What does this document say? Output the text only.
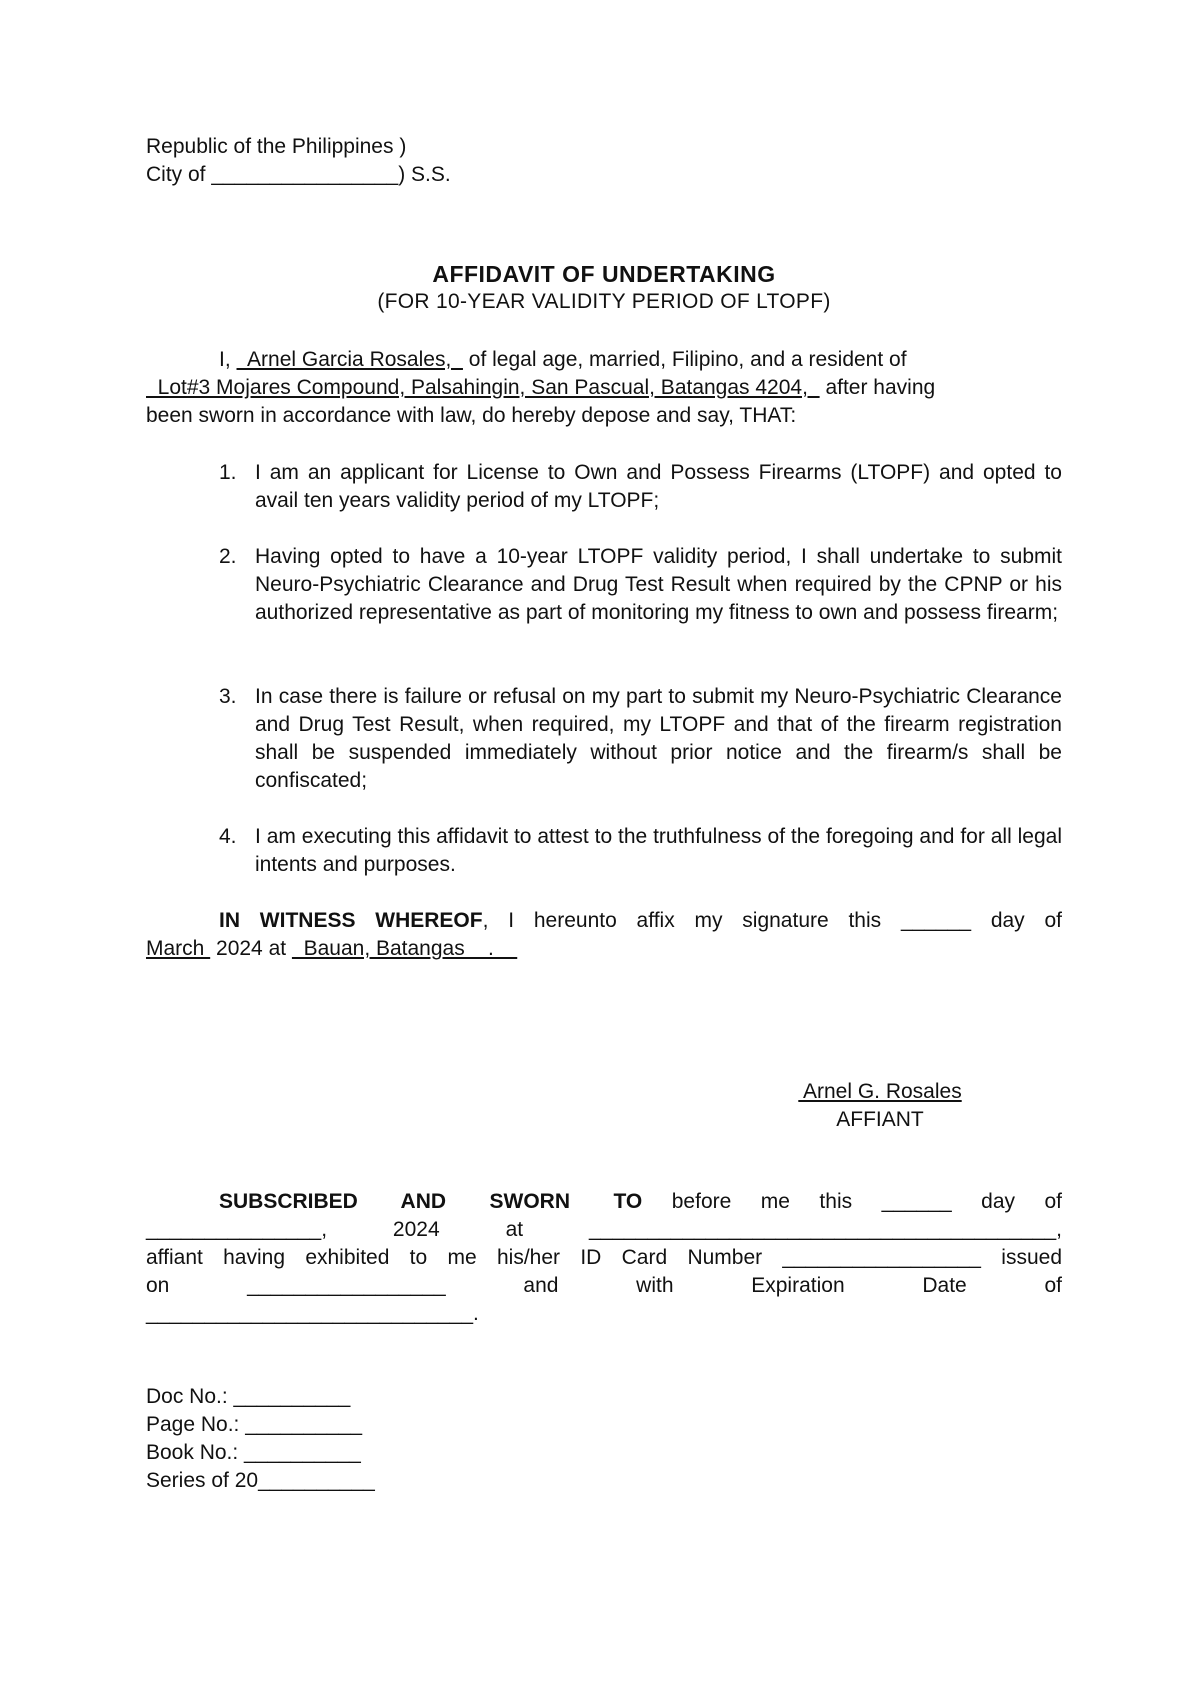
Republic of the Philippines )
City of ________________) S.S.
AFFIDAVIT OF UNDERTAKING
(FOR 10-YEAR VALIDITY PERIOD OF LTOPF)
I,   Arnel Garcia Rosales,   of legal age, married, Filipino, and a resident of
Lot#3 Mojares Compound, Palsahingin, San Pascual, Batangas 4204,   after having
been sworn in accordance with law, do hereby depose and say, THAT:
1. I am an applicant for License to Own and Possess Firearms (LTOPF) and opted to avail ten years validity period of my LTOPF;
2. Having opted to have a 10-year LTOPF validity period, I shall undertake to submit Neuro-Psychiatric Clearance and Drug Test Result when required by the CPNP or his authorized representative as part of monitoring my fitness to own and possess firearm;
3. In case there is failure or refusal on my part to submit my Neuro-Psychiatric Clearance and Drug Test Result, when required, my LTOPF and that of the firearm registration shall be suspended immediately without prior notice and the firearm/s shall be confiscated;
4. I am executing this affidavit to attest to the truthfulness of the foregoing and for all legal intents and purposes.
IN WITNESS WHEREOF, I hereunto affix my signature this ______ day of
March  2024 at   Bauan, Batangas    .
Arnel G. Rosales
AFFIANT
SUBSCRIBED AND SWORN TO before me this ______ day of
_______________, 2024 at ________________________________________,
affiant having exhibited to me his/her ID Card Number _________________ issued
on _________________ and with Expiration Date of
____________________________.
Doc No.: __________
Page No.: __________
Book No.: __________
Series of 20__________
